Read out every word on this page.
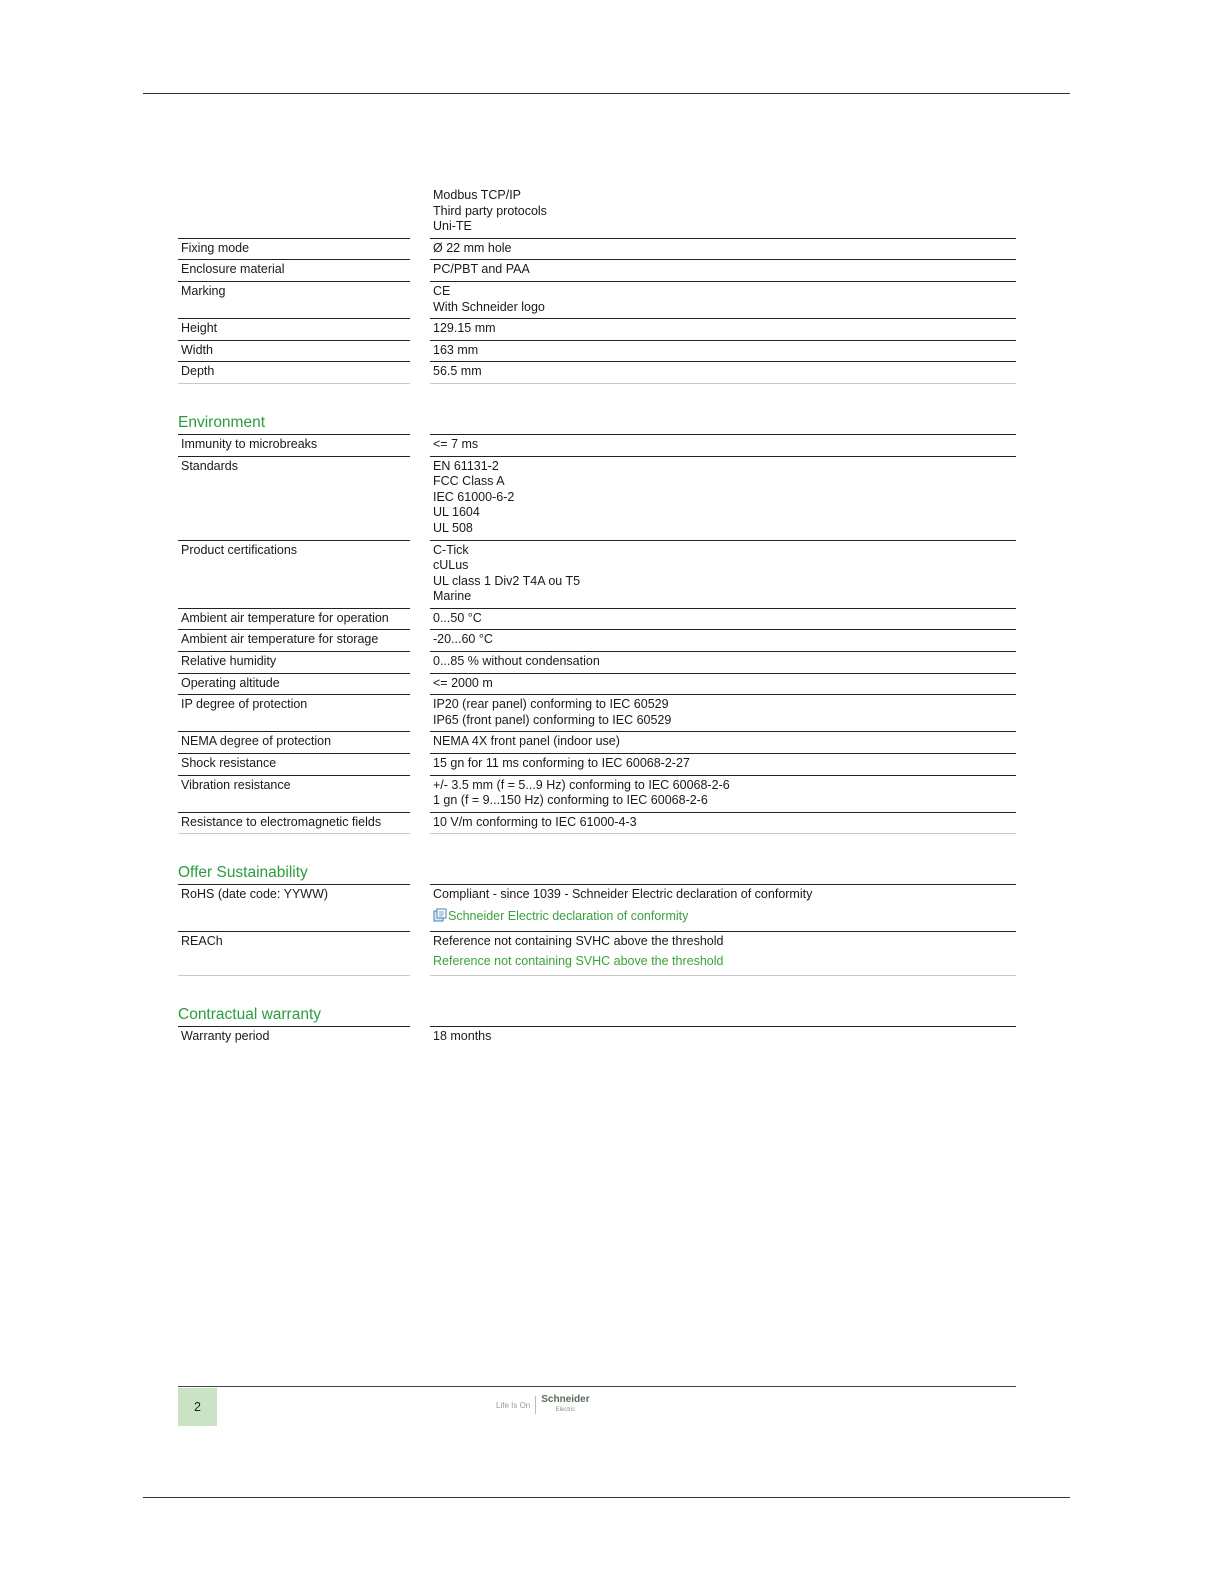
		Modbus TCP/IP
Third party protocols
Uni-TE

Fixing mode		Ø 22 mm hole

Enclosure material		PC/PBT and PAA

Marking		CE
With Schneider logo

Height		129.15 mm

Width		163 mm

Depth		56.5 mm
Environment
Immunity to microbreaks		<= 7 ms

Standards		EN 61131-2
FCC Class A
IEC 61000-6-2
UL 1604
UL 508

Product certifications		C-Tick
cULus
UL class 1 Div2 T4A ou T5
Marine

Ambient air temperature for operation		0...50 °C

Ambient air temperature for storage		-20...60 °C

Relative humidity		0...85 % without condensation

Operating altitude		<= 2000 m

IP degree of protection		IP20 (rear panel) conforming to IEC 60529
IP65 (front panel) conforming to IEC 60529

NEMA degree of protection		NEMA 4X front panel (indoor use)

Shock resistance		15 gn for 11 ms conforming to IEC 60068-2-27

Vibration resistance		+/- 3.5 mm (f = 5...9 Hz) conforming to IEC 60068-2-6
1 gn (f = 9...150 Hz) conforming to IEC 60068-2-6

Resistance to electromagnetic fields		10 V/m conforming to IEC 61000-4-3
Offer Sustainability
RoHS (date code: YYWW)		Compliant - since 1039 - Schneider Electric declaration of conformity
Schneider Electric declaration of conformity

REACh		Reference not containing SVHC above the threshold
Reference not containing SVHC above the threshold
Contractual warranty
Warranty period		18 months
2	Life Is On Schneider
Electric
